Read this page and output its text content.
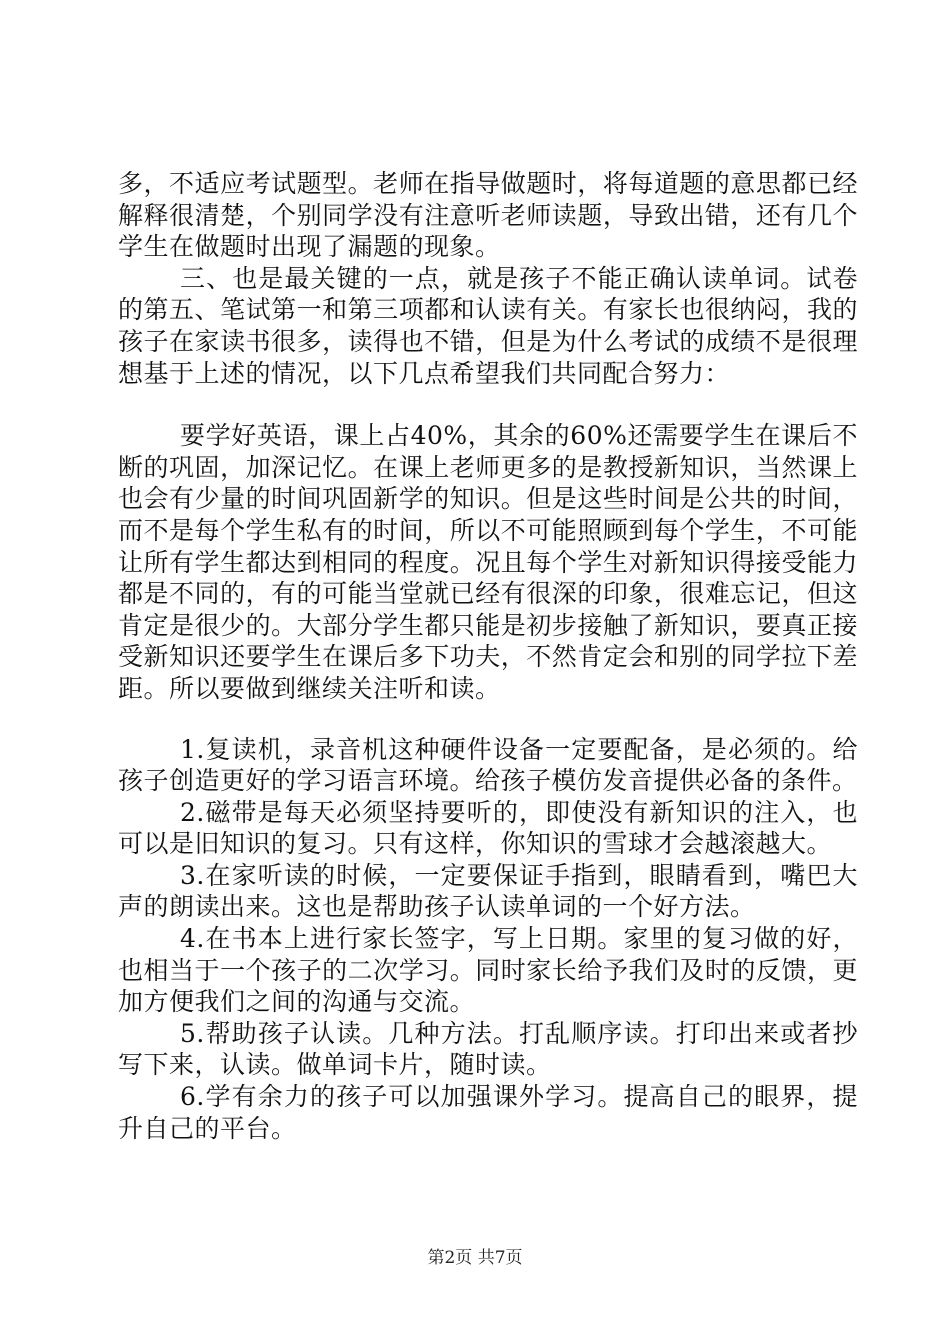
多，不适应考试题型。老师在指导做题时，将每道题的意思都已经解释很清楚，个别同学没有注意听老师读题，导致出错，还有几个学生在做题时出现了漏题的现象。

三、也是最关键的一点，就是孩子不能正确认读单词。试卷的第五、笔试第一和第三项都和认读有关。有家长也很纳闷，我的孩子在家读书很多，读得也不错，但是为什么考试的成绩不是很理想基于上述的情况，以下几点希望我们共同配合努力：

要学好英语，课上占40%，其余的60%还需要学生在课后不断的巩固，加深记忆。在课上老师更多的是教授新知识，当然课上也会有少量的时间巩固新学的知识。但是这些时间是公共的时间，而不是每个学生私有的时间，所以不可能照顾到每个学生，不可能让所有学生都达到相同的程度。况且每个学生对新知识得接受能力都是不同的，有的可能当堂就已经有很深的印象，很难忘记，但这肯定是很少的。大部分学生都只能是初步接触了新知识，要真正接受新知识还要学生在课后多下功夫，不然肯定会和别的同学拉下差距。所以要做到继续关注听和读。

1.复读机，录音机这种硬件设备一定要配备，是必须的。给孩子创造更好的学习语言环境。给孩子模仿发音提供必备的条件。

2.磁带是每天必须坚持要听的，即使没有新知识的注入，也可以是旧知识的复习。只有这样，你知识的雪球才会越滚越大。

3.在家听读的时候，一定要保证手指到，眼睛看到，嘴巴大声的朗读出来。这也是帮助孩子认读单词的一个好方法。

4.在书本上进行家长签字，写上日期。家里的复习做的好，也相当于一个孩子的二次学习。同时家长给予我们及时的反馈，更加方便我们之间的沟通与交流。

5.帮助孩子认读。几种方法。打乱顺序读。打印出来或者抄写下来，认读。做单词卡片，随时读。

6.学有余力的孩子可以加强课外学习。提高自己的眼界，提升自己的平台。

第2页 共7页
